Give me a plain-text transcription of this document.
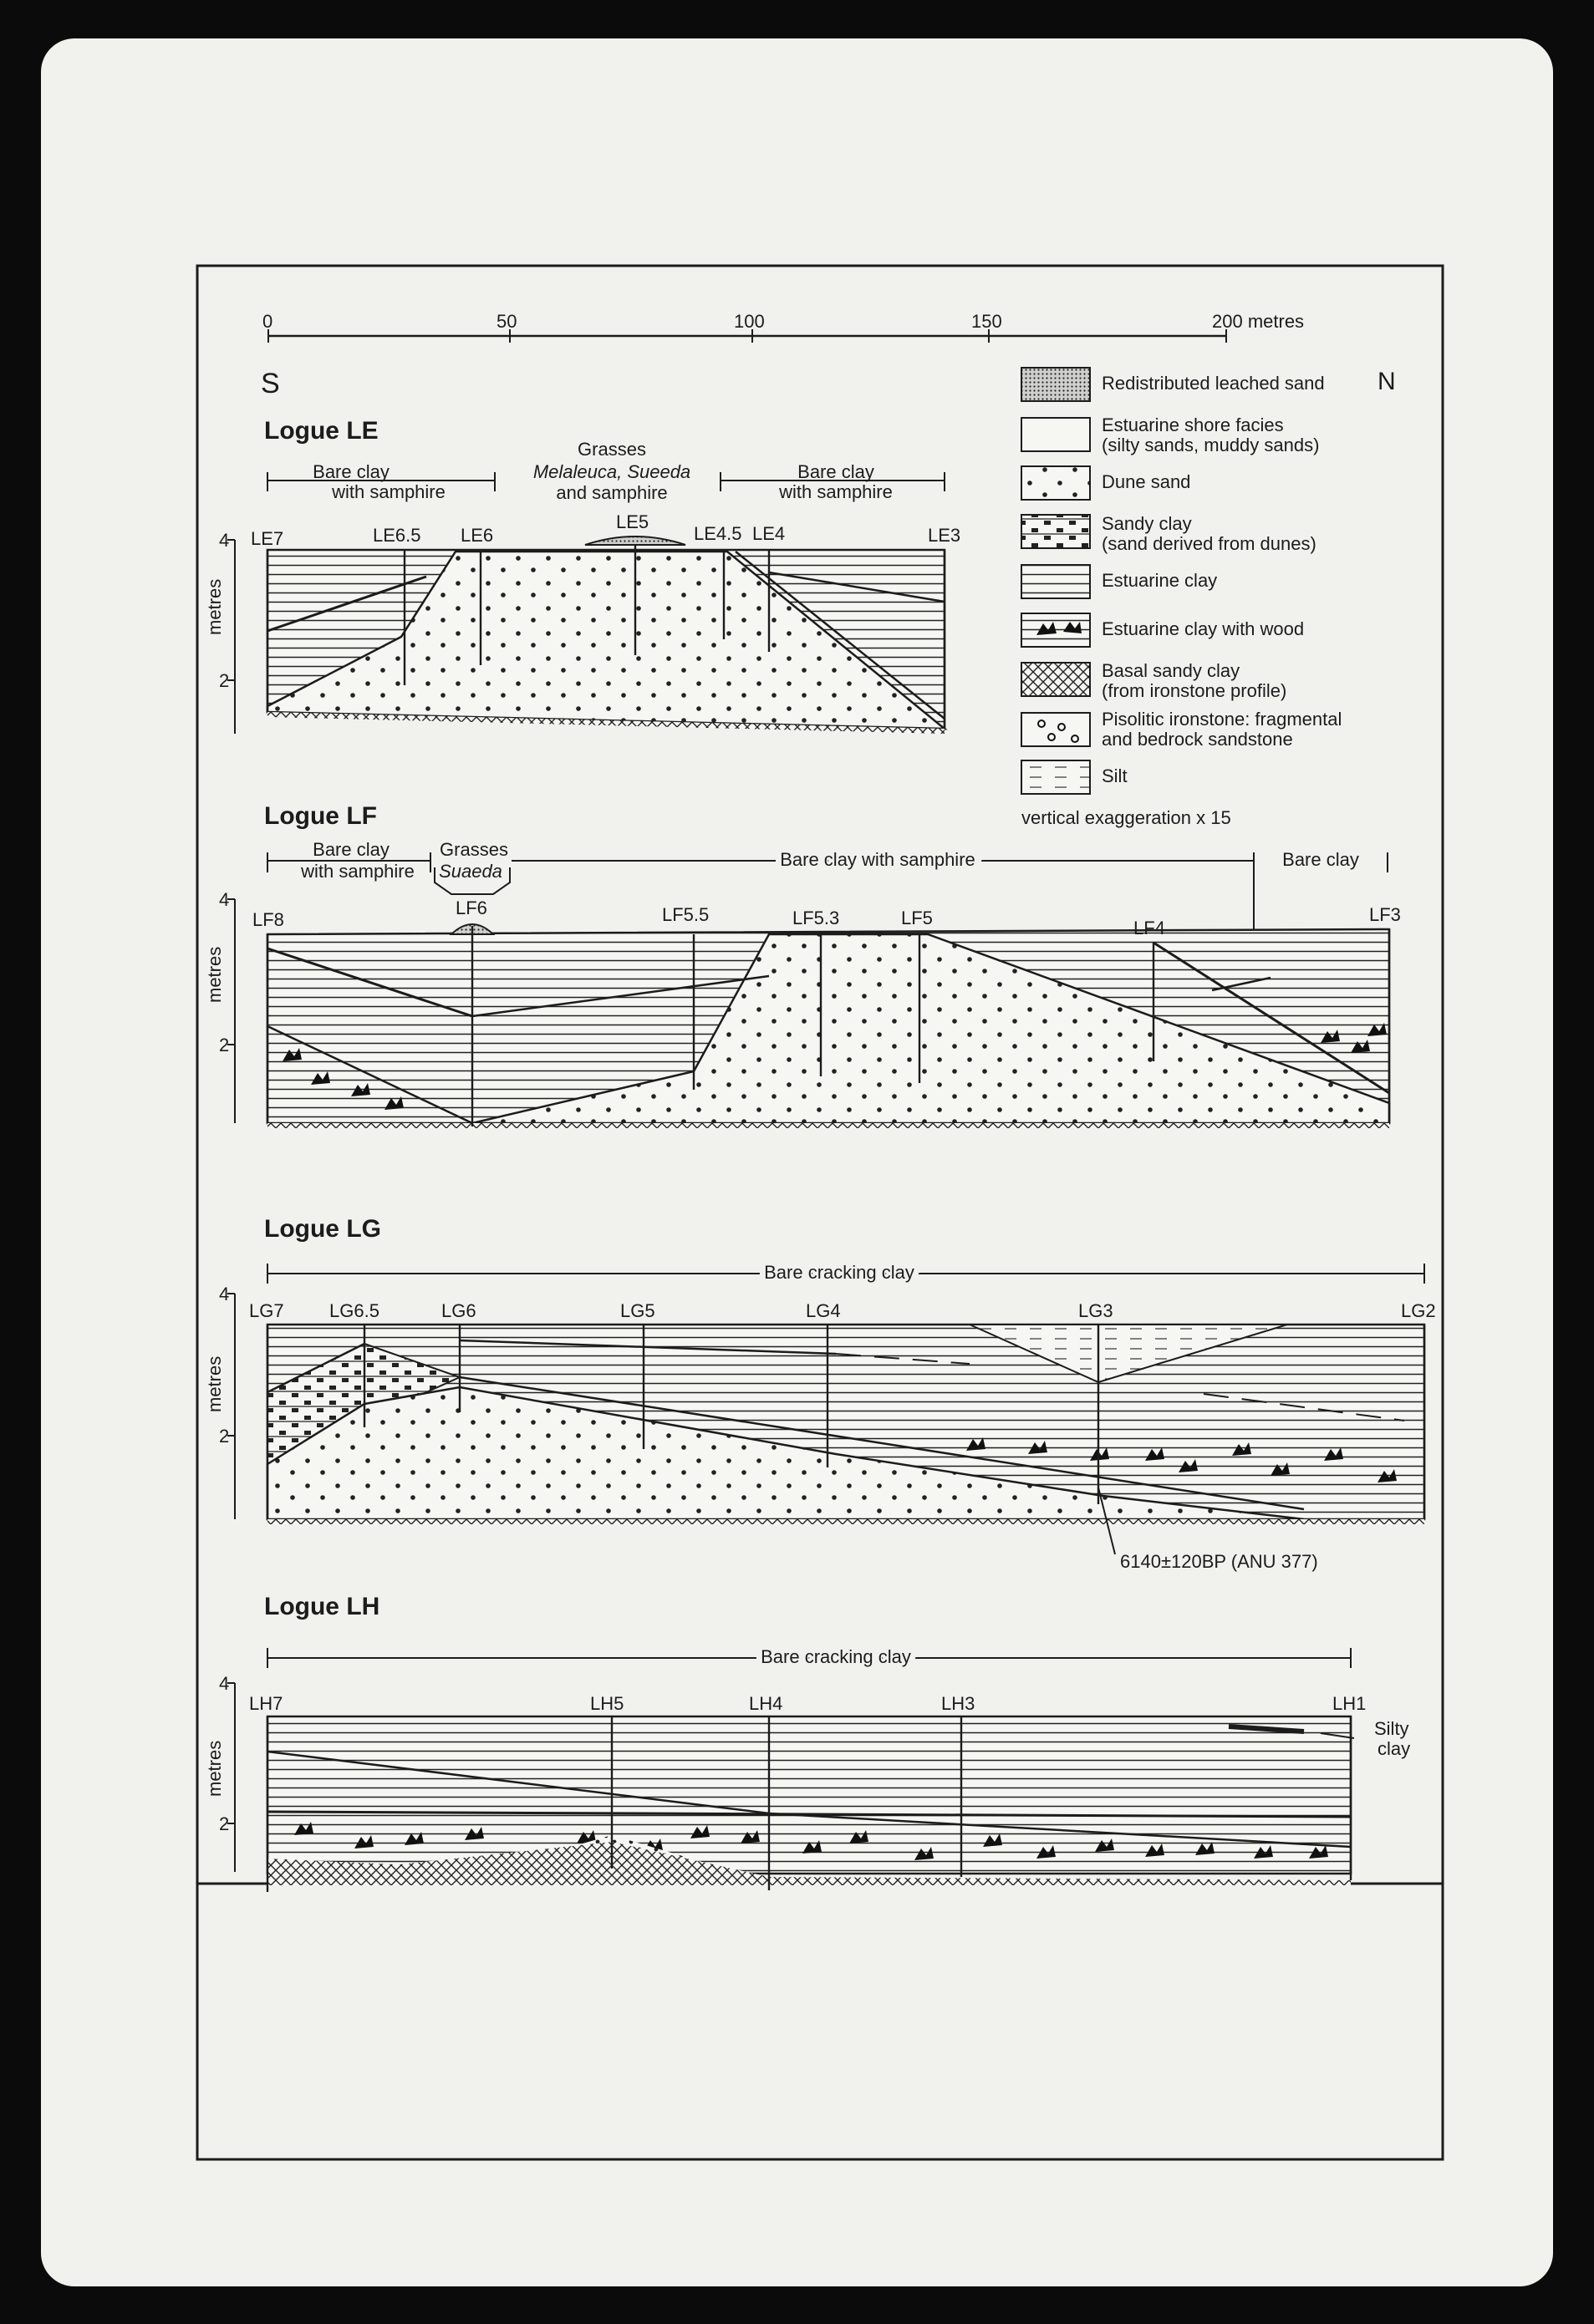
0	50	100	150	200 metres
S	N
Logue LE
Bare clay
with samphire
Grasses
Melaleuca, Sueeda
and samphire
Bare clay
with samphire
4
2
metres
LE7	LE6.5 LE6
LE5
LE4.5 LE4	LE3
Redistributed leached sand
Estuarine shore facies
(silty sands, muddy sands)
Dune sand
Sandy clay
(sand derived from dunes)
Estuarine clay
Estuarine clay with wood
Basal sandy clay
(from ironstone profile)
Pisolitic ironstone: fragmental
and bedrock sandstone
Silt
vertical exaggeration x 15
Logue LF
Bare clay
with samphire
Grasses
Suaeda
Bare clay with samphire	Bare clay
4
2
metres
LF8
LF6	LF5.5	LF5.3	LF5	LF4
LF3
Logue LG
Bare cracking clay
4
2
metres
6140±120BP (ANU 377)
LG7 LG6.5	LG6	LG5	LG4	LG3	LG2
Logue LH
Bare cracking clay
4
2
metres
LH7	LH5	LH4	LH3	LH1
Silty
clay
